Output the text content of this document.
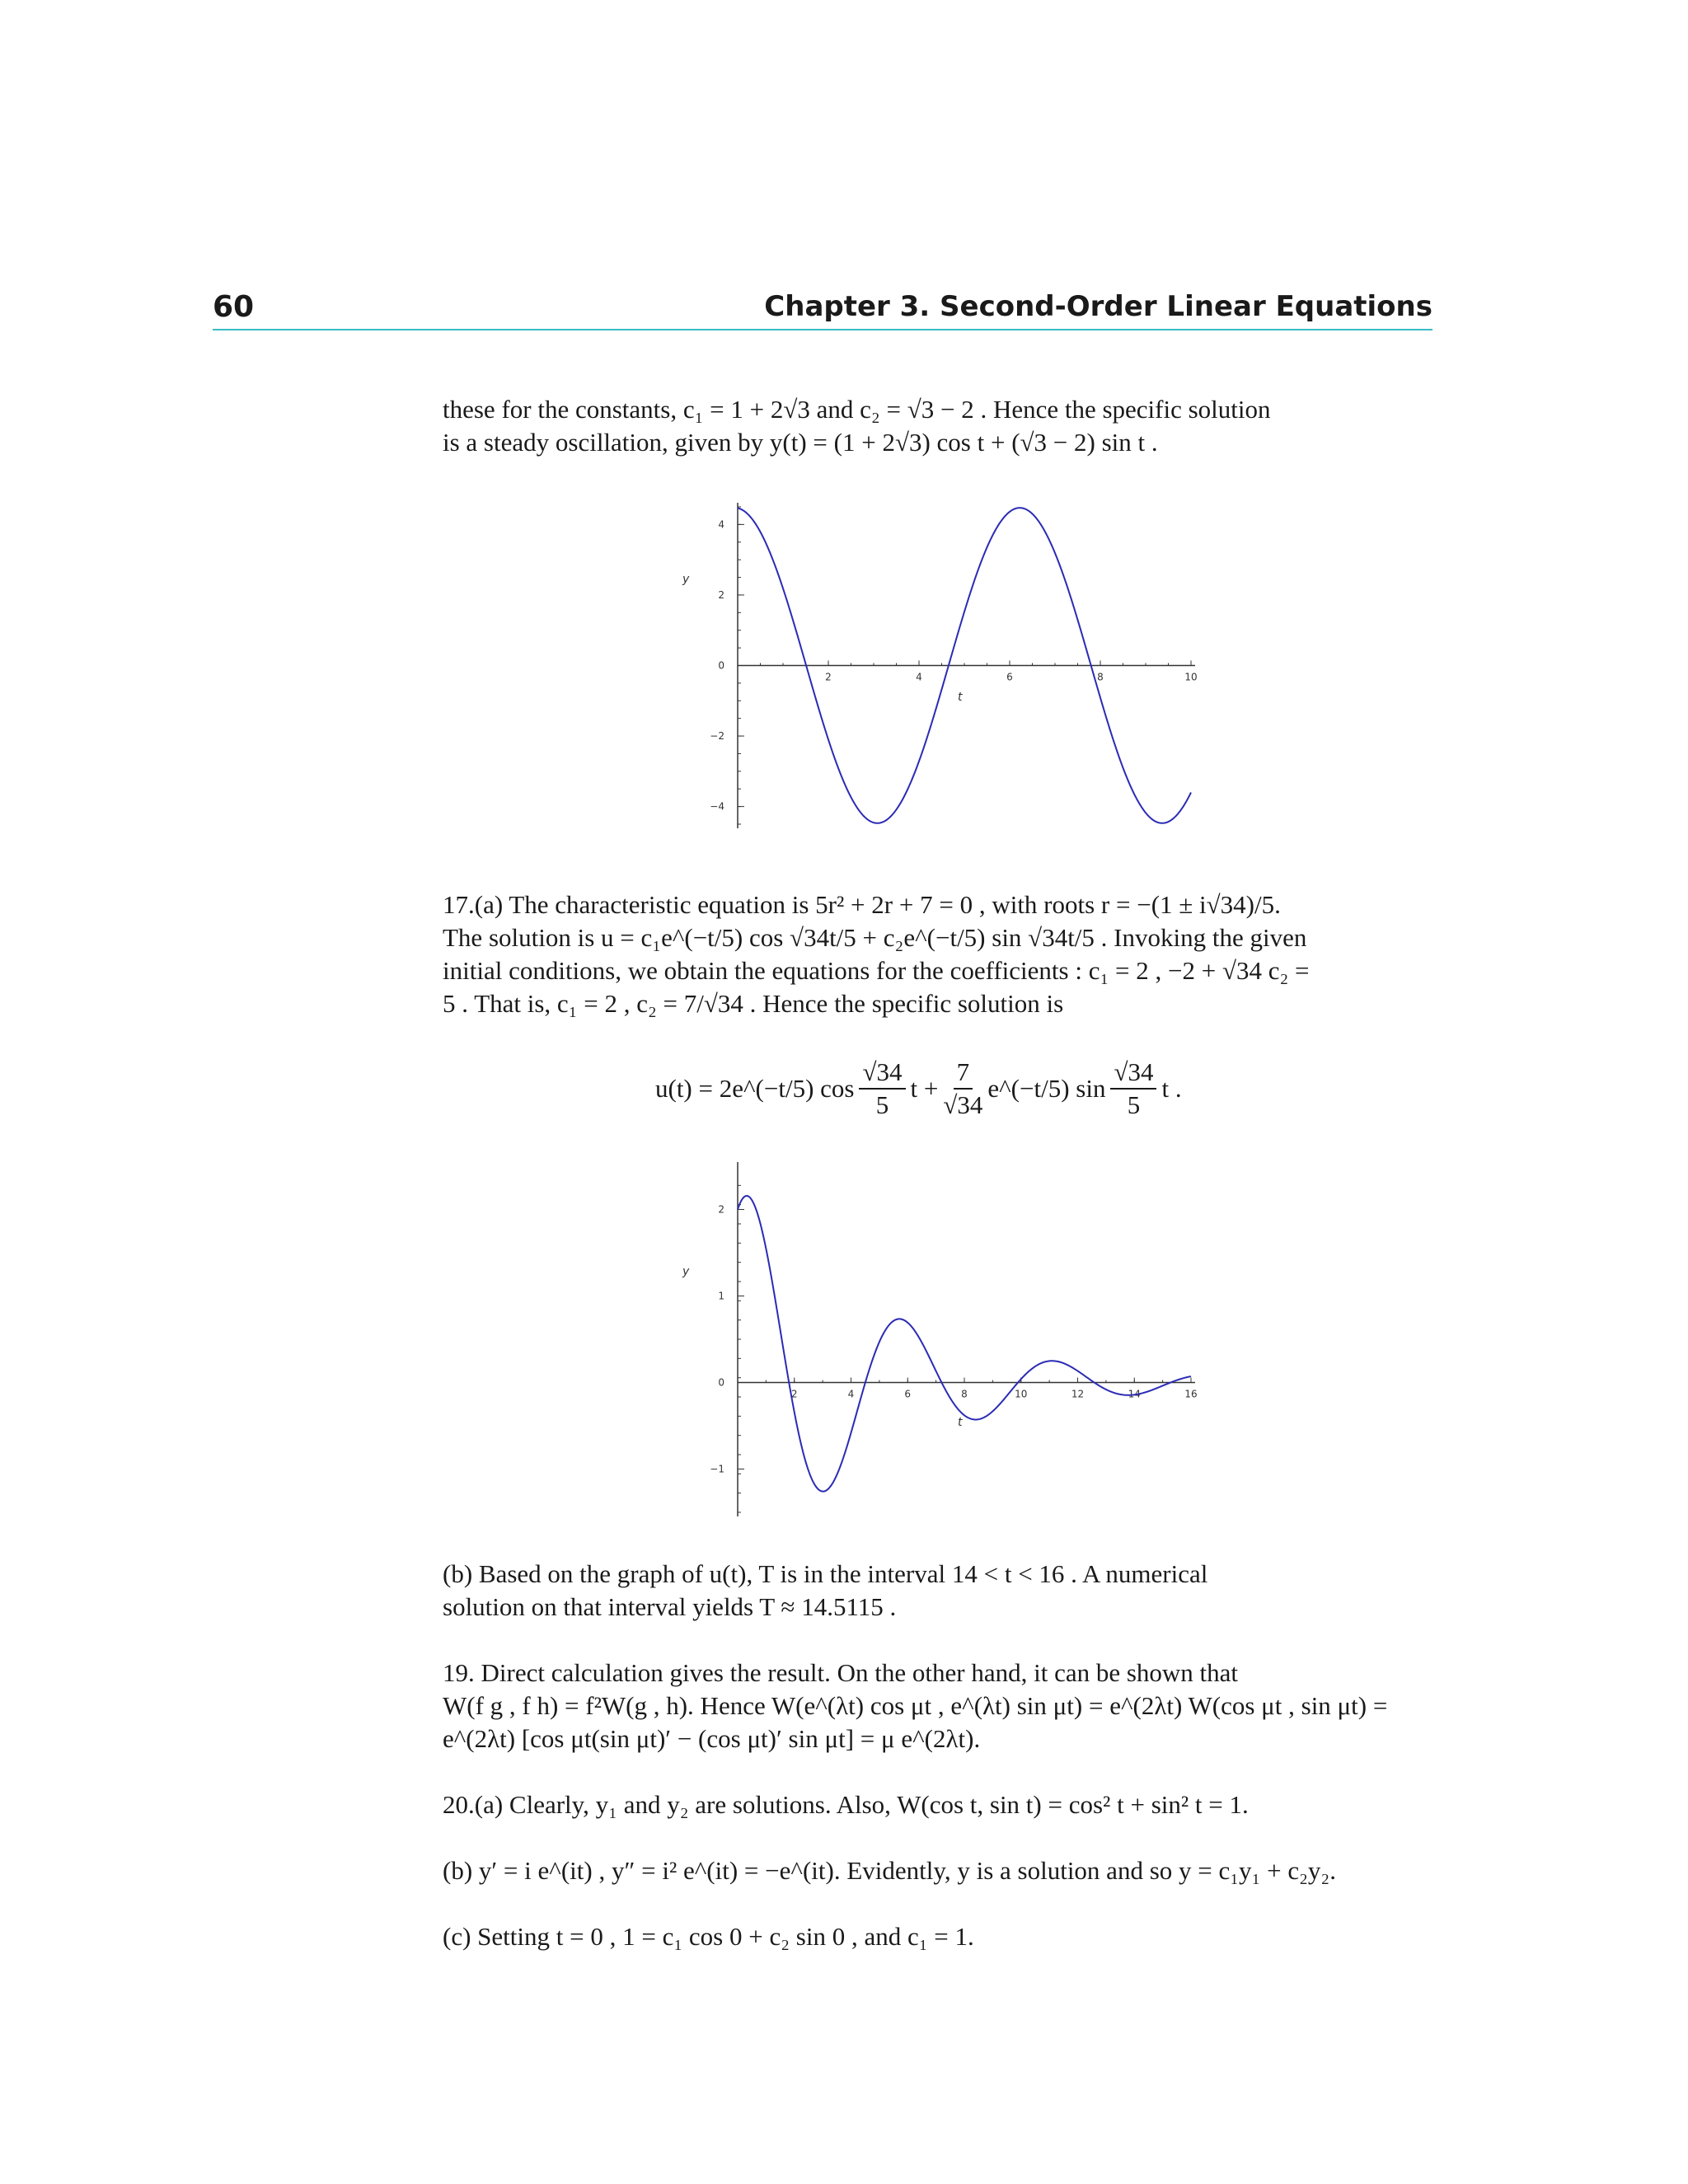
60	Chapter 3. Second-Order Linear Equations

these for the constants, c₁ = 1 + 2√3 and c₂ = √3 − 2 . Hence the specific solution

is a steady oscillation, given by y(t) = (1 + 2√3) cos t + (√3 − 2) sin t .

2	4	6	8	10
4
2
0
−2
−4
y
t

17.(a) The characteristic equation is 5r² + 2r + 7 = 0 , with roots r = −(1 ± i√34)/5.

The solution is u = c₁e^(−t/5) cos √34t/5 + c₂e^(−t/5) sin √34t/5 . Invoking the given

initial conditions, we obtain the equations for the coefficients : c₁ = 2 , −2 + √34 c₂ =

5 . That is, c₁ = 2 , c₂ = 7/√34 . Hence the specific solution is

u(t) = 2e^(−t/5) $\cos \frac{√34}{5}$ $t + \frac{7}{√34}$ e^(−t/5) $\sin \frac{√34}{5}$ t .
2	4	6	8	10	12	14	16
2
1
0
−1
y
t

(b) Based on the graph of u(t), T is in the interval 14 < t < 16 . A numerical

solution on that interval yields T ≈ 14.5115 .

19. Direct calculation gives the result. On the other hand, it can be shown that

W(f g , f h) = f²W(g , h). Hence W(e^(λt) cos μt , e^(λt) sin μt) = e^(2λt) W(cos μt , sin μt) =

e^(2λt) [cos μt(sin μt)′ − (cos μt)′ sin μt] = μ e^(2λt).

20.(a) Clearly, y₁ and y₂ are solutions. Also, W(cos t, sin t) = cos² t + sin² t = 1.

(b) y′ = i e^(it) , y″ = i² e^(it) = −e^(it). Evidently, y is a solution and so y = c₁y₁ + c₂y₂.

(c) Setting t = 0 , 1 = c₁ cos 0 + c₂ sin 0 , and c₁ = 1.
